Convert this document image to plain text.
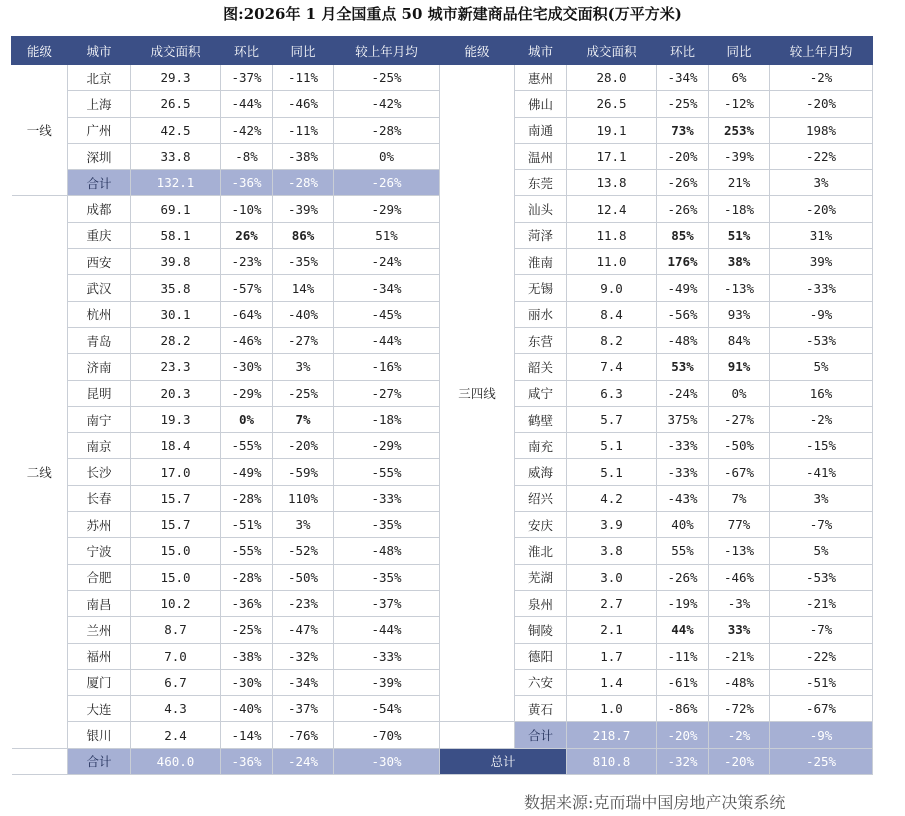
图:2026年 1 月全国重点 50 城市新建商品住宅成交面积(万平方米)
能级	城市	成交面积	环比	同比	较上年月均	能级	城市	成交面积	环比	同比	较上年月均
一线	北京	29.3	-37%	-11%	-25%	三四线	惠州	28.0	-34%	6%	-2%
	上海	26.5	-44%	-46%	-42%		佛山	26.5	-25%	-12%	-20%
	广州	42.5	-42%	-11%	-28%		南通	19.1	73%	253%	198%
	深圳	33.8	-8%	-38%	0%		温州	17.1	-20%	-39%	-22%
	合计	132.1	-36%	-28%	-26%		东莞	13.8	-26%	21%	3%
二线	成都	69.1	-10%	-39%	-29%		汕头	12.4	-26%	-18%	-20%
	重庆	58.1	26%	86%	51%		菏泽	11.8	85%	51%	31%
	西安	39.8	-23%	-35%	-24%		淮南	11.0	176%	38%	39%
	武汉	35.8	-57%	14%	-34%		无锡	9.0	-49%	-13%	-33%
	杭州	30.1	-64%	-40%	-45%		丽水	8.4	-56%	93%	-9%
	青岛	28.2	-46%	-27%	-44%		东营	8.2	-48%	84%	-53%
	济南	23.3	-30%	3%	-16%		韶关	7.4	53%	91%	5%
	昆明	20.3	-29%	-25%	-27%		咸宁	6.3	-24%	0%	16%
	南宁	19.3	0%	7%	-18%		鹤壁	5.7	375%	-27%	-2%
	南京	18.4	-55%	-20%	-29%		南充	5.1	-33%	-50%	-15%
	长沙	17.0	-49%	-59%	-55%		威海	5.1	-33%	-67%	-41%
	长春	15.7	-28%	110%	-33%		绍兴	4.2	-43%	7%	3%
	苏州	15.7	-51%	3%	-35%		安庆	3.9	40%	77%	-7%
	宁波	15.0	-55%	-52%	-48%		淮北	3.8	55%	-13%	5%
	合肥	15.0	-28%	-50%	-35%		芜湖	3.0	-26%	-46%	-53%
	南昌	10.2	-36%	-23%	-37%		泉州	2.7	-19%	-3%	-21%
	兰州	8.7	-25%	-47%	-44%		铜陵	2.1	44%	33%	-7%
	福州	7.0	-38%	-32%	-33%		德阳	1.7	-11%	-21%	-22%
	厦门	6.7	-30%	-34%	-39%		六安	1.4	-61%	-48%	-51%
	大连	4.3	-40%	-37%	-54%		黄石	1.0	-86%	-72%	-67%
	银川	2.4	-14%	-76%	-70%		合计	218.7	-20%	-2%	-9%
	合计	460.0	-36%	-24%	-30%	总计		810.8	-32%	-20%	-25%
数据来源:克而瑞中国房地产决策系统
